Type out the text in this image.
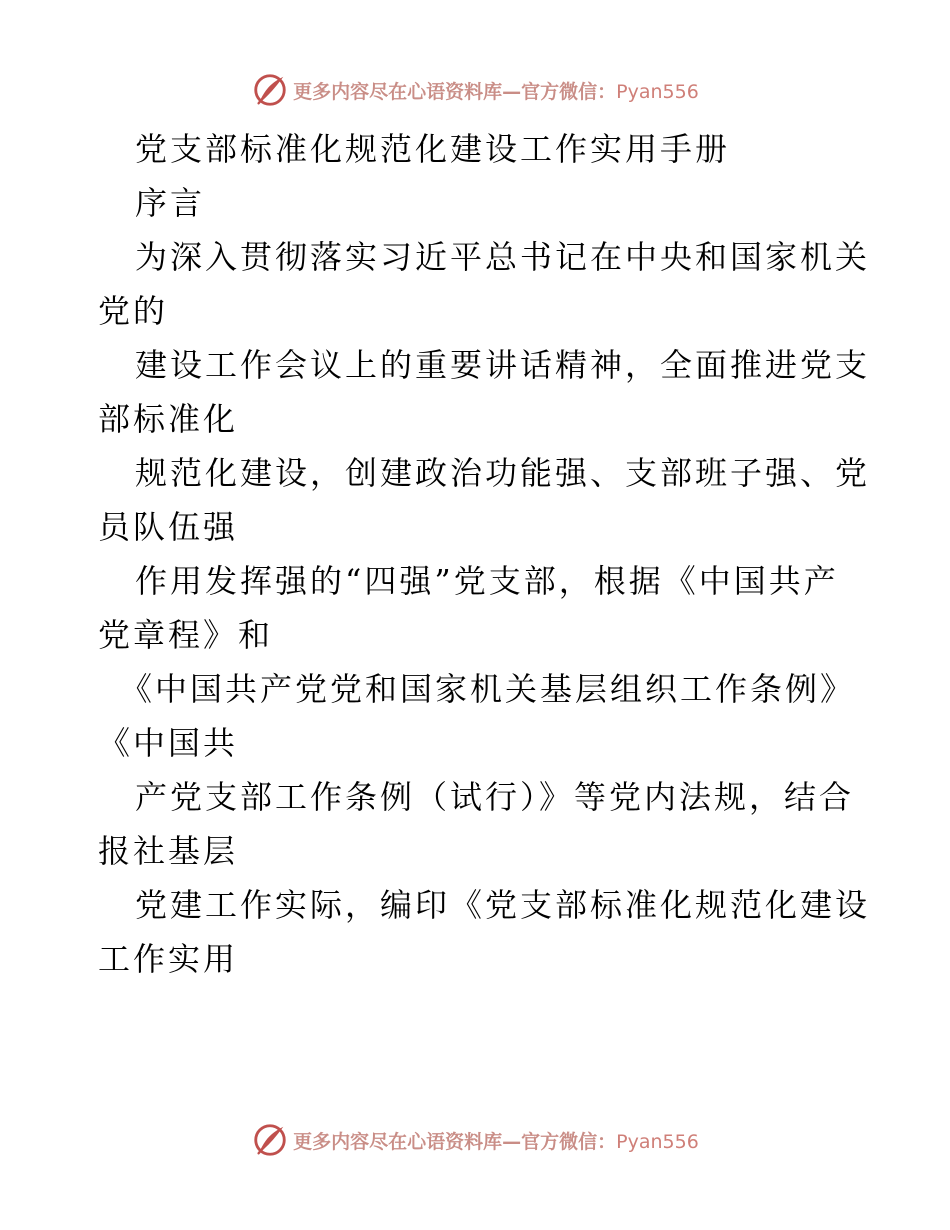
更多内容尽在心语资料库—官方微信：Pyan556
党支部标准化规范化建设工作实用手册
序言
为深入贯彻落实习近平总书记在中央和国家机关
党的
建设工作会议上的重要讲话精神，全面推进党支
部标准化
规范化建设，创建政治功能强、支部班子强、党
员队伍强
作用发挥强的“四强”党支部，根据《中国共产
党章程》和
《中国共产党党和国家机关基层组织工作条例》
《中国共
产党支部工作条例（试行）》等党内法规，结合
报社基层
党建工作实际，编印《党支部标准化规范化建设
工作实用
更多内容尽在心语资料库—官方微信：Pyan556
